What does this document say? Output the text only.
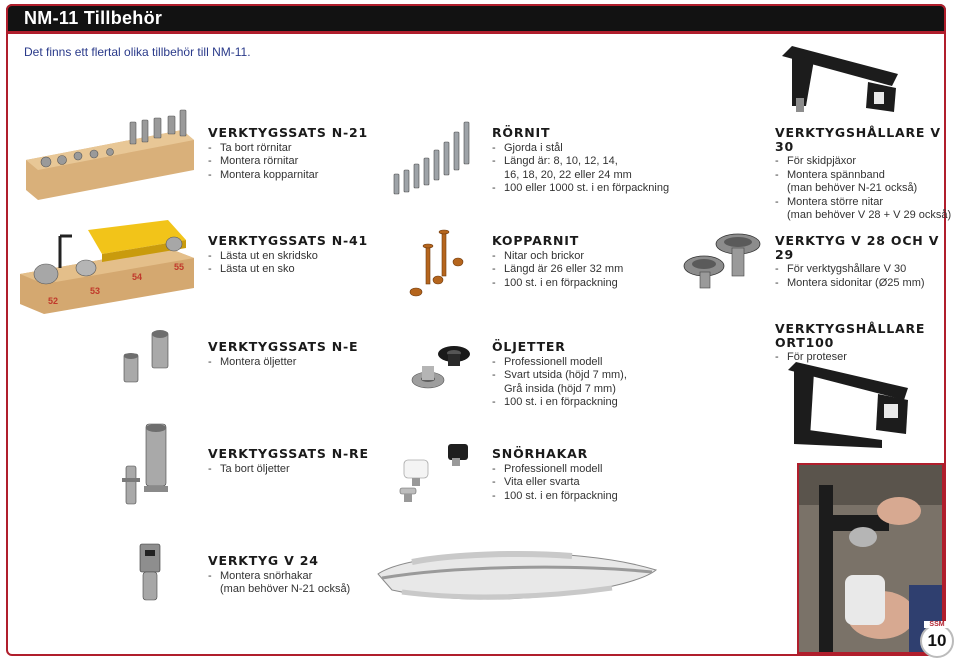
NM-11 Tillbehör
Det finns ett flertal olika tillbehör till NM-11.
VERKTYGSSATS N-21
- Ta bort rörnitar
- Montera rörnitar
- Montera kopparnitar
RÖRNIT
- Gjorda i stål
- Längd är: 8, 10, 12, 14,
16, 18, 20, 22 eller 24 mm
- 100 eller 1000 st. i en förpackning
VERKTYGSHÅLLARE V 30
- För skidpjäxor
- Montera spännband
(man behöver N-21 också)
- Montera större nitar
(man behöver V 28 + V 29 också)
52
53
54
55
VERKTYGSSATS N-41
- Lästa ut en skridsko
- Lästa ut en sko
KOPPARNIT
- Nitar och brickor
- Längd är 26 eller 32 mm
- 100 st. i en förpackning
VERKTYG V 28 OCH V 29
- För verktygshållare V 30
- Montera sidonitar (Ø25 mm)
VERKTYGSSATS N-E
- Montera öljetter
ÖLJETTER
- Professionell modell
- Svart utsida (höjd 7 mm),
Grå insida (höjd 7 mm)
- 100 st. i en förpackning
VERKTYGSHÅLLARE ORT100
- För proteser
VERKTYGSSATS N-RE
- Ta bort öljetter
SNÖRHAKAR
- Professionell modell
- Vita eller svarta
- 100 st. i en förpackning
VERKTYG V 24
- Montera snörhakar
(man behöver N-21 också)
10
SSM
